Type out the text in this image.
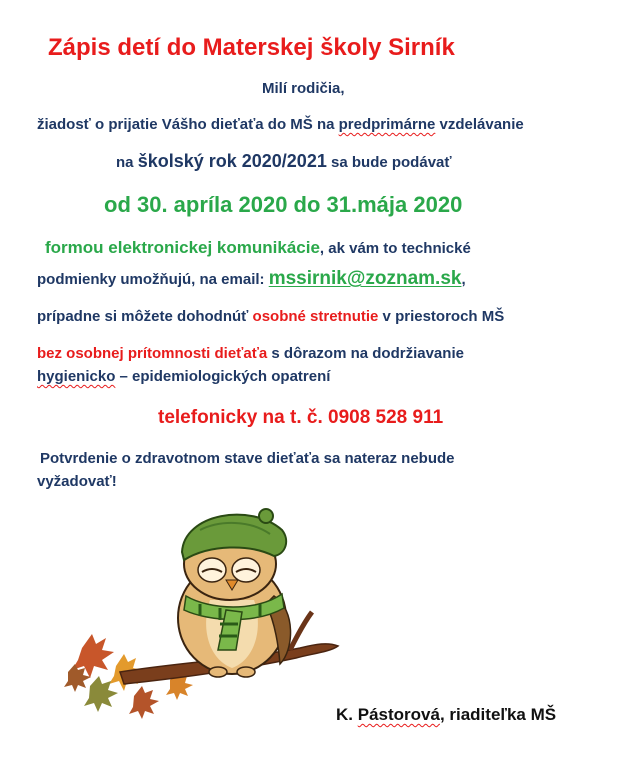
Zápis detí do Materskej školy Sirník
Milí rodičia,
žiadosť o prijatie Vášho dieťaťa do MŠ na predprimárne vzdelávanie
na školský rok 2020/2021 sa bude podávať
od 30. apríla 2020 do 31.mája 2020
formou elektronickej komunikácie, ak vám to technické
podmienky umožňujú, na email: mssirnik@zoznam.sk,
prípadne si môžete dohodnúť osobné stretnutie v priestoroch MŠ
bez osobnej prítomnosti dieťaťa s dôrazom na dodržiavanie
hygienicko – epidemiologických opatrení
telefonicky na t. č. 0908 528 911
Potvrdenie o zdravotnom stave dieťaťa sa nateraz nebude
vyžadovať!
K. Pástorová, riaditeľka MŠ
